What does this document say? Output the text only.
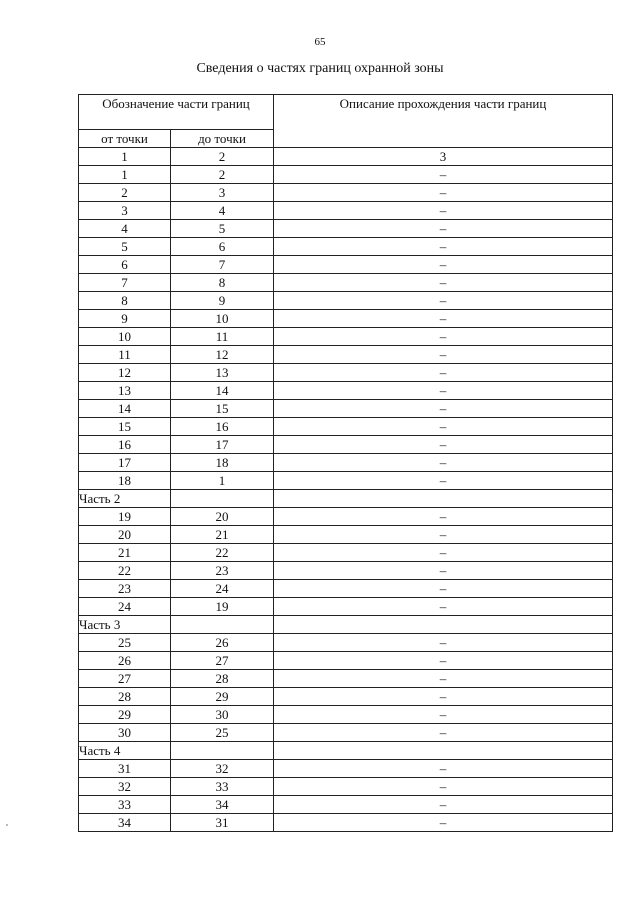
65
Сведения о частях границ охранной зоны
Обозначение части границ		Описание прохождения части границ
от точки	до точки	
1	2	3
1	2	–
2	3	–
3	4	–
4	5	–
5	6	–
6	7	–
7	8	–
8	9	–
9	10	–
10	11	–
11	12	–
12	13	–
13	14	–
14	15	–
15	16	–
16	17	–
17	18	–
18	1	–
Часть 2		
19	20	–
20	21	–
21	22	–
22	23	–
23	24	–
24	19	–
Часть 3		
25	26	–
26	27	–
27	28	–
28	29	–
29	30	–
30	25	–
Часть 4		
31	32	–
32	33	–
33	34	–
34	31	–
